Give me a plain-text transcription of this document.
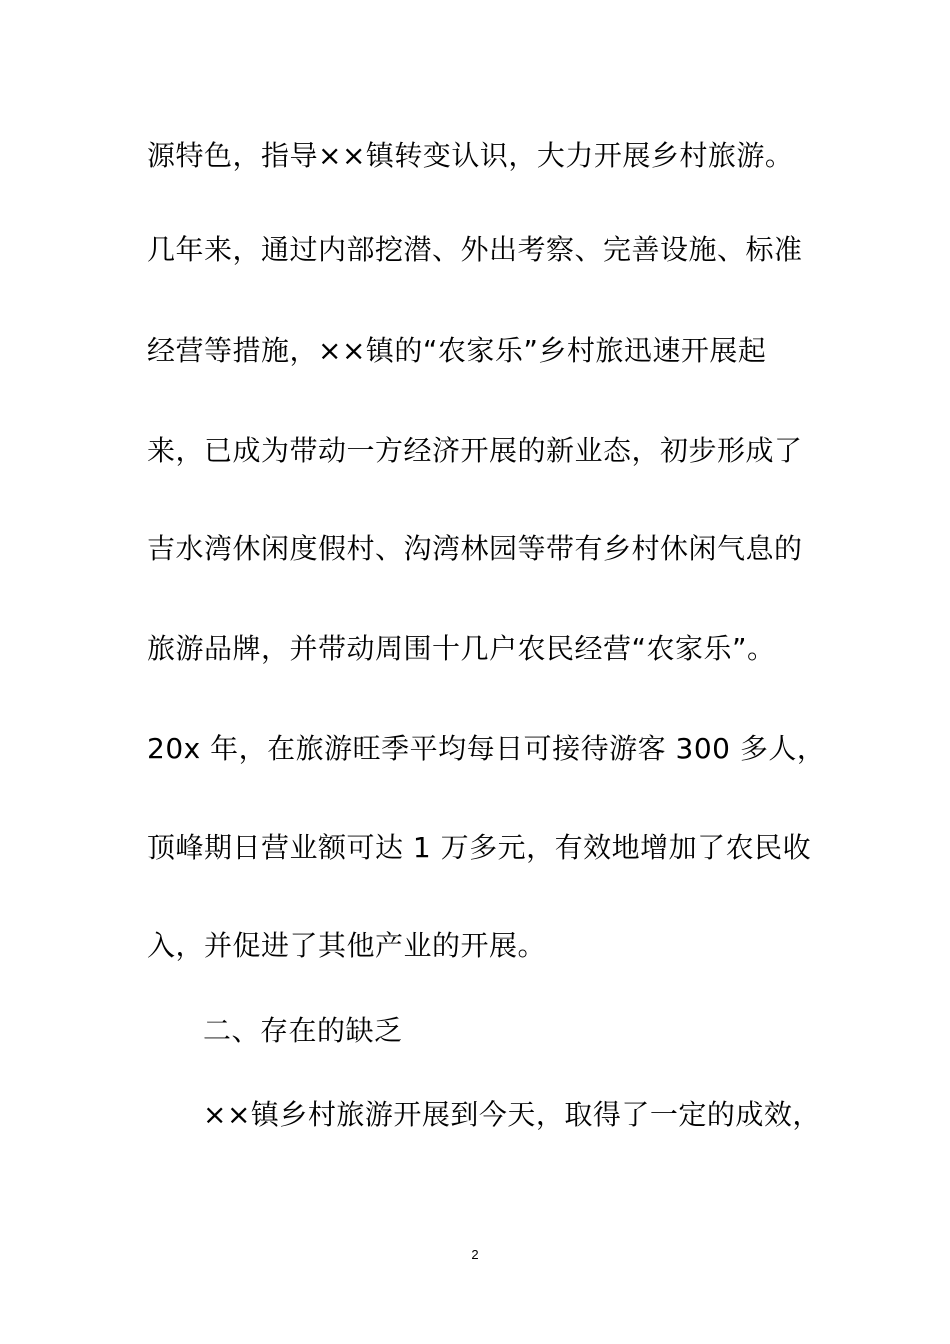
源特色，指导××镇转变认识，大力开展乡村旅游。
几年来，通过内部挖潜、外出考察、完善设施、标准
经营等措施，××镇的“农家乐”乡村旅迅速开展起
来，已成为带动一方经济开展的新业态，初步形成了
吉水湾休闲度假村、沟湾林园等带有乡村休闲气息的
旅游品牌，并带动周围十几户农民经营“农家乐”。
20x 年，在旅游旺季平均每日可接待游客 300 多人，
顶峰期日营业额可达 1 万多元，有效地增加了农民收
入，并促进了其他产业的开展。
二、存在的缺乏
××镇乡村旅游开展到今天，取得了一定的成效，
2
